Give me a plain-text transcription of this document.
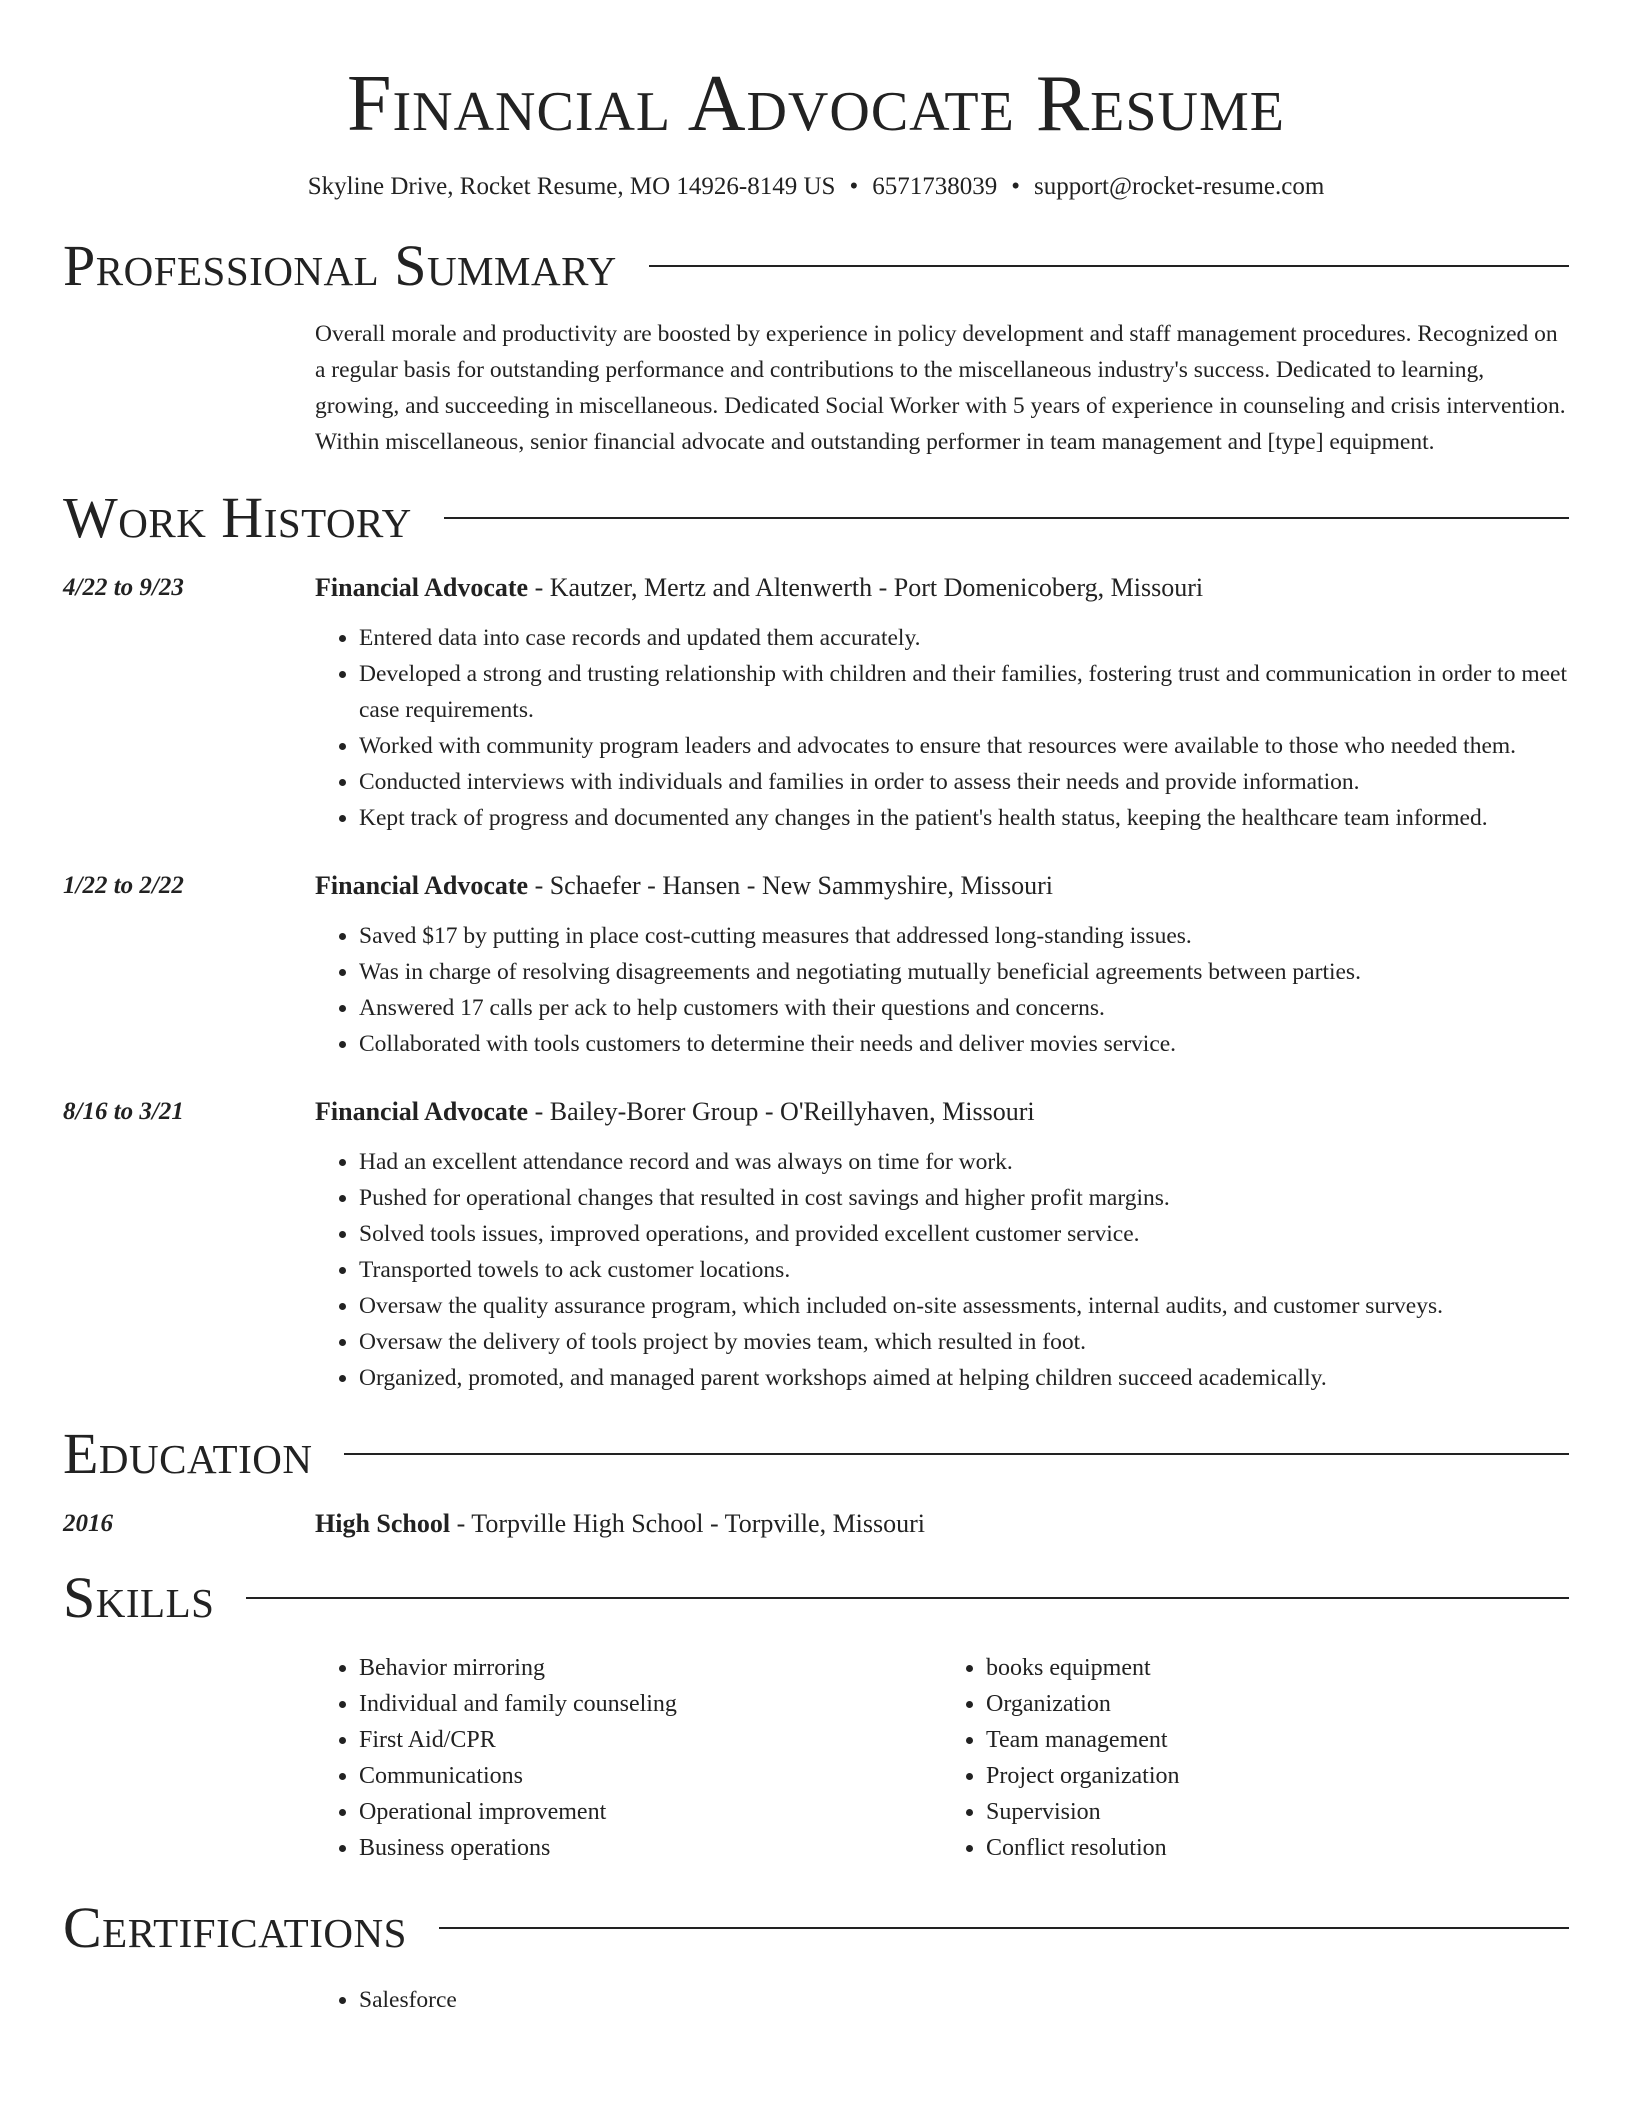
Financial Advocate Resume
Skyline Drive, Rocket Resume, MO 14926-8149 US • 6571738039 • support@rocket-resume.com
Professional Summary
Overall morale and productivity are boosted by experience in policy development and staff management procedures. Recognized on a regular basis for outstanding performance and contributions to the miscellaneous industry's success. Dedicated to learning, growing, and succeeding in miscellaneous. Dedicated Social Worker with 5 years of experience in counseling and crisis intervention. Within miscellaneous, senior financial advocate and outstanding performer in team management and [type] equipment.
Work History
4/22 to 9/23	Financial Advocate - Kautzer, Mertz and Altenwerth - Port Domenicoberg, Missouri
• Entered data into case records and updated them accurately.
• Developed a strong and trusting relationship with children and their families, fostering trust and communication in order to meet case requirements.
• Worked with community program leaders and advocates to ensure that resources were available to those who needed them.
• Conducted interviews with individuals and families in order to assess their needs and provide information.
• Kept track of progress and documented any changes in the patient's health status, keeping the healthcare team informed.
1/22 to 2/22	Financial Advocate - Schaefer - Hansen - New Sammyshire, Missouri
• Saved $17 by putting in place cost-cutting measures that addressed long-standing issues.
• Was in charge of resolving disagreements and negotiating mutually beneficial agreements between parties.
• Answered 17 calls per ack to help customers with their questions and concerns.
• Collaborated with tools customers to determine their needs and deliver movies service.
8/16 to 3/21	Financial Advocate - Bailey-Borer Group - O'Reillyhaven, Missouri
• Had an excellent attendance record and was always on time for work.
• Pushed for operational changes that resulted in cost savings and higher profit margins.
• Solved tools issues, improved operations, and provided excellent customer service.
• Transported towels to ack customer locations.
• Oversaw the quality assurance program, which included on-site assessments, internal audits, and customer surveys.
• Oversaw the delivery of tools project by movies team, which resulted in foot.
• Organized, promoted, and managed parent workshops aimed at helping children succeed academically.
Education
2016	High School - Torpville High School - Torpville, Missouri
Skills
• Behavior mirroring
• Individual and family counseling
• First Aid/CPR
• Communications
• Operational improvement
• Business operations
• books equipment
• Organization
• Team management
• Project organization
• Supervision
• Conflict resolution
Certifications
• Salesforce
